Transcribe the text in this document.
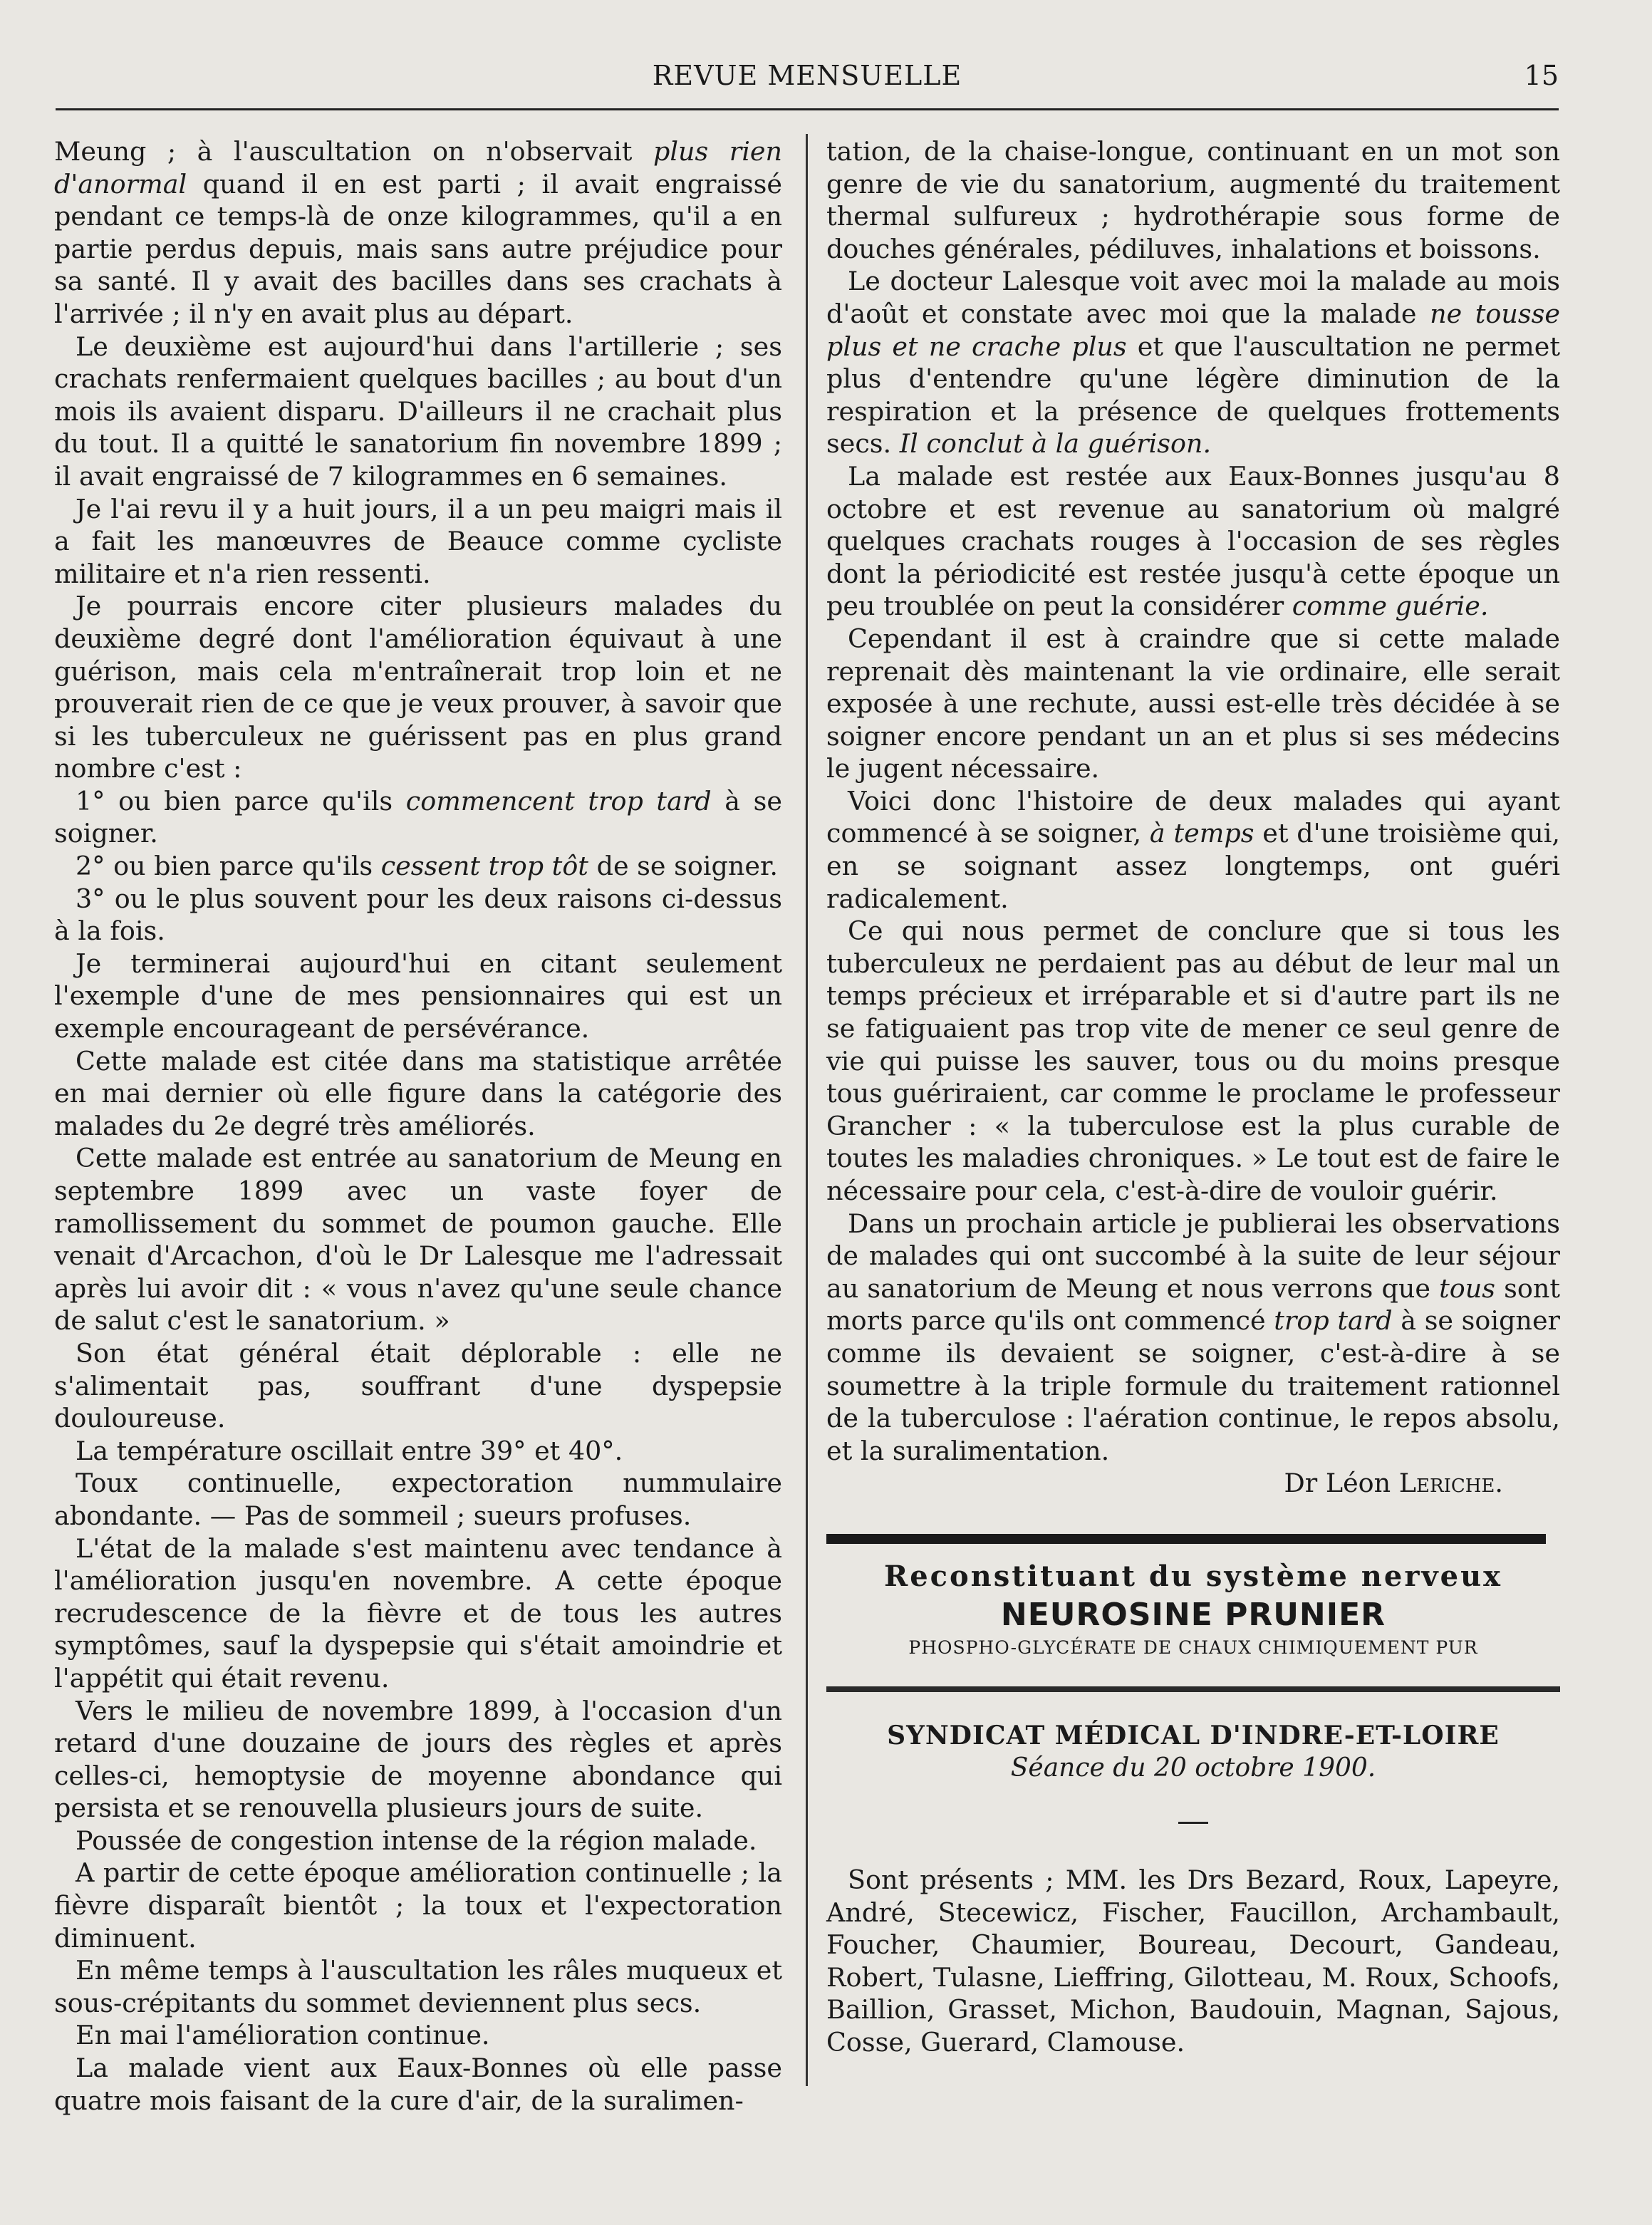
REVUE MENSUELLE	15

Meung ; à l'auscultation on n'observait plus rien d'anormal quand il en est parti ; il avait engraissé pendant ce temps-là de onze kilogrammes, qu'il a en partie perdus depuis, mais sans autre préjudice pour sa santé. Il y avait des bacilles dans ses crachats à l'arrivée ; il n'y en avait plus au départ.

Le deuxième est aujourd'hui dans l'artillerie ; ses crachats renfermaient quelques bacilles ; au bout d'un mois ils avaient disparu. D'ailleurs il ne crachait plus du tout. Il a quitté le sanatorium fin novembre 1899 ; il avait engraissé de 7 kilogrammes en 6 semaines.

Je l'ai revu il y a huit jours, il a un peu maigri mais il a fait les manœuvres de Beauce comme cycliste militaire et n'a rien ressenti.

Je pourrais encore citer plusieurs malades du deuxième degré dont l'amélioration équivaut à une guérison, mais cela m'entraînerait trop loin et ne prouverait rien de ce que je veux prouver, à savoir que si les tuberculeux ne guérissent pas en plus grand nombre c'est :

1° ou bien parce qu'ils commencent trop tard à se soigner.

2° ou bien parce qu'ils cessent trop tôt de se soigner.

3° ou le plus souvent pour les deux raisons ci-dessus à la fois.

Je terminerai aujourd'hui en citant seulement l'exemple d'une de mes pensionnaires qui est un exemple encourageant de persévérance.

Cette malade est citée dans ma statistique arrêtée en mai dernier où elle figure dans la catégorie des malades du 2e degré très améliorés.

Cette malade est entrée au sanatorium de Meung en septembre 1899 avec un vaste foyer de ramollissement du sommet de poumon gauche. Elle venait d'Arcachon, d'où le Dr Lalesque me l'adressait après lui avoir dit : « vous n'avez qu'une seule chance de salut c'est le sanatorium. »

Son état général était déplorable : elle ne s'alimentait pas, souffrant d'une dyspepsie douloureuse.

La température oscillait entre 39° et 40°.

Toux continuelle, expectoration nummulaire abondante. — Pas de sommeil ; sueurs profuses.

L'état de la malade s'est maintenu avec tendance à l'amélioration jusqu'en novembre. A cette époque recrudescence de la fièvre et de tous les autres symptômes, sauf la dyspepsie qui s'était amoindrie et l'appétit qui était revenu.

Vers le milieu de novembre 1899, à l'occasion d'un retard d'une douzaine de jours des règles et après celles-ci, hemoptysie de moyenne abondance qui persista et se renouvella plusieurs jours de suite.

Poussée de congestion intense de la région malade.

A partir de cette époque amélioration continuelle ; la fièvre disparaît bientôt ; la toux et l'expectoration diminuent.

En même temps à l'auscultation les râles muqueux et sous-crépitants du sommet deviennent plus secs.

En mai l'amélioration continue.

La malade vient aux Eaux-Bonnes où elle passe quatre mois faisant de la cure d'air, de la suralimen-

tation, de la chaise-longue, continuant en un mot son genre de vie du sanatorium, augmenté du traitement thermal sulfureux ; hydrothérapie sous forme de douches générales, pédiluves, inhalations et boissons.

Le docteur Lalesque voit avec moi la malade au mois d'août et constate avec moi que la malade ne tousse plus et ne crache plus et que l'auscultation ne permet plus d'entendre qu'une légère diminution de la respiration et la présence de quelques frottements secs. Il conclut à la guérison.

La malade est restée aux Eaux-Bonnes jusqu'au 8 octobre et est revenue au sanatorium où malgré quelques crachats rouges à l'occasion de ses règles dont la périodicité est restée jusqu'à cette époque un peu troublée on peut la considérer comme guérie.

Cependant il est à craindre que si cette malade reprenait dès maintenant la vie ordinaire, elle serait exposée à une rechute, aussi est-elle très décidée à se soigner encore pendant un an et plus si ses médecins le jugent nécessaire.

Voici donc l'histoire de deux malades qui ayant commencé à se soigner, à temps et d'une troisième qui, en se soignant assez longtemps, ont guéri radicalement.

Ce qui nous permet de conclure que si tous les tuberculeux ne perdaient pas au début de leur mal un temps précieux et irréparable et si d'autre part ils ne se fatiguaient pas trop vite de mener ce seul genre de vie qui puisse les sauver, tous ou du moins presque tous guériraient, car comme le proclame le professeur Grancher : « la tuberculose est la plus curable de toutes les maladies chroniques. » Le tout est de faire le nécessaire pour cela, c'est-à-dire de vouloir guérir.

Dans un prochain article je publierai les observations de malades qui ont succombé à la suite de leur séjour au sanatorium de Meung et nous verrons que tous sont morts parce qu'ils ont commencé trop tard à se soigner comme ils devaient se soigner, c'est-à-dire à se soumettre à la triple formule du traitement rationnel de la tuberculose : l'aération continue, le repos absolu, et la suralimentation.

Dr Léon Leriche.

Reconstituant du système nerveux
NEUROSINE PRUNIER
PHOSPHO-GLYCÉRATE DE CHAUX CHIMIQUEMENT PUR
SYNDICAT MÉDICAL D'INDRE-ET-LOIRE
Séance du 20 octobre 1900.

Sont présents ; MM. les Drs Bezard, Roux, Lapeyre, André, Stecewicz, Fischer, Faucillon, Archambault, Foucher, Chaumier, Boureau, Decourt, Gandeau, Robert, Tulasne, Lieffring, Gilotteau, M. Roux, Schoofs, Baillion, Grasset, Michon, Baudouin, Magnan, Sajous, Cosse, Guerard, Clamouse.
